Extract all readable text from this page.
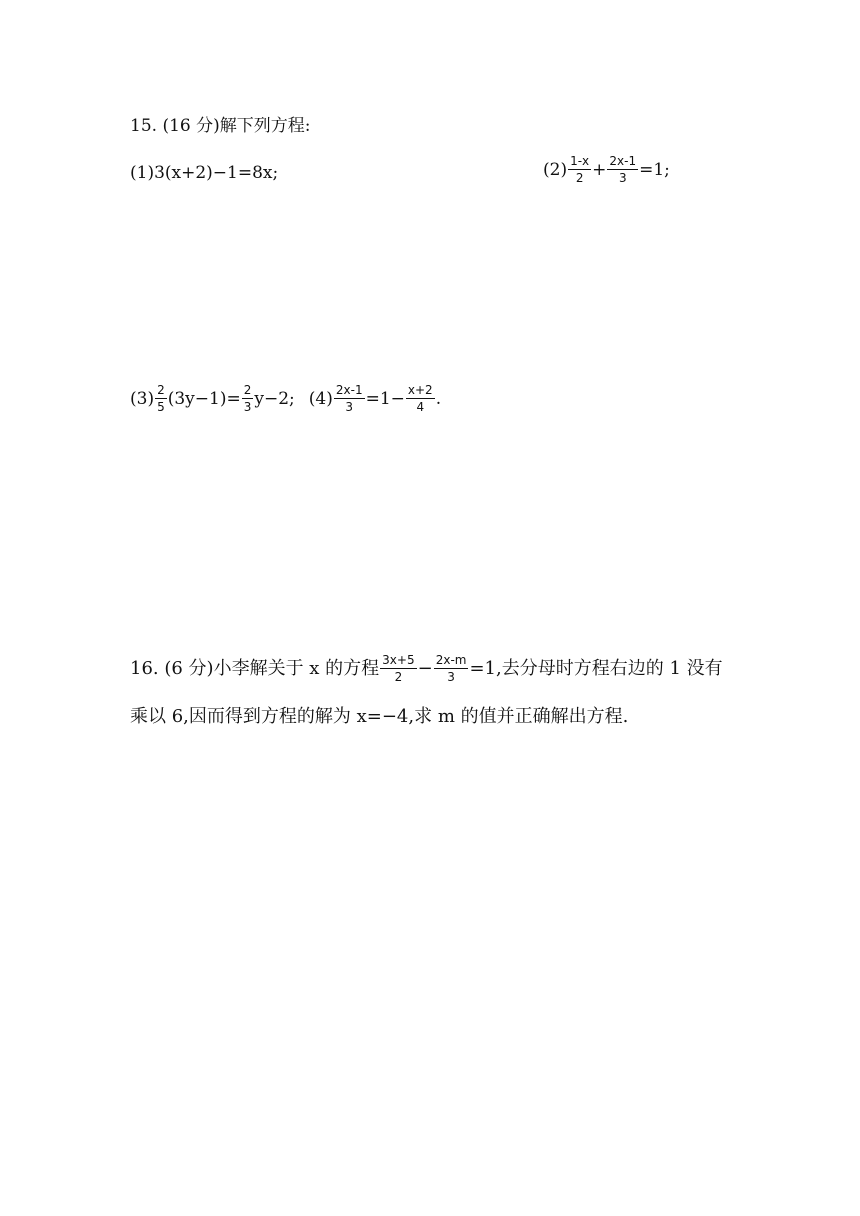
15. (16 分)解下列方程:
(1)3(x+2)−1=8x;	$(2) \frac{1-x}{2} + \frac{2x-1}{3} =1$;
$(3) \frac{2}{5} (3y-1)= \frac{2}{3} y-2$; $(4) \frac{2x-1}{3} =1- \frac{x+2}{4}$ .
16. (6 分)小李解关于 x 的方程 $\frac{3x+5}{2} - \frac{2x-m}{3} =1$,去分母时方程右边的 1 没有
乘以 6,因而得到方程的解为 x=−4,求 m 的值并正确解出方程.
